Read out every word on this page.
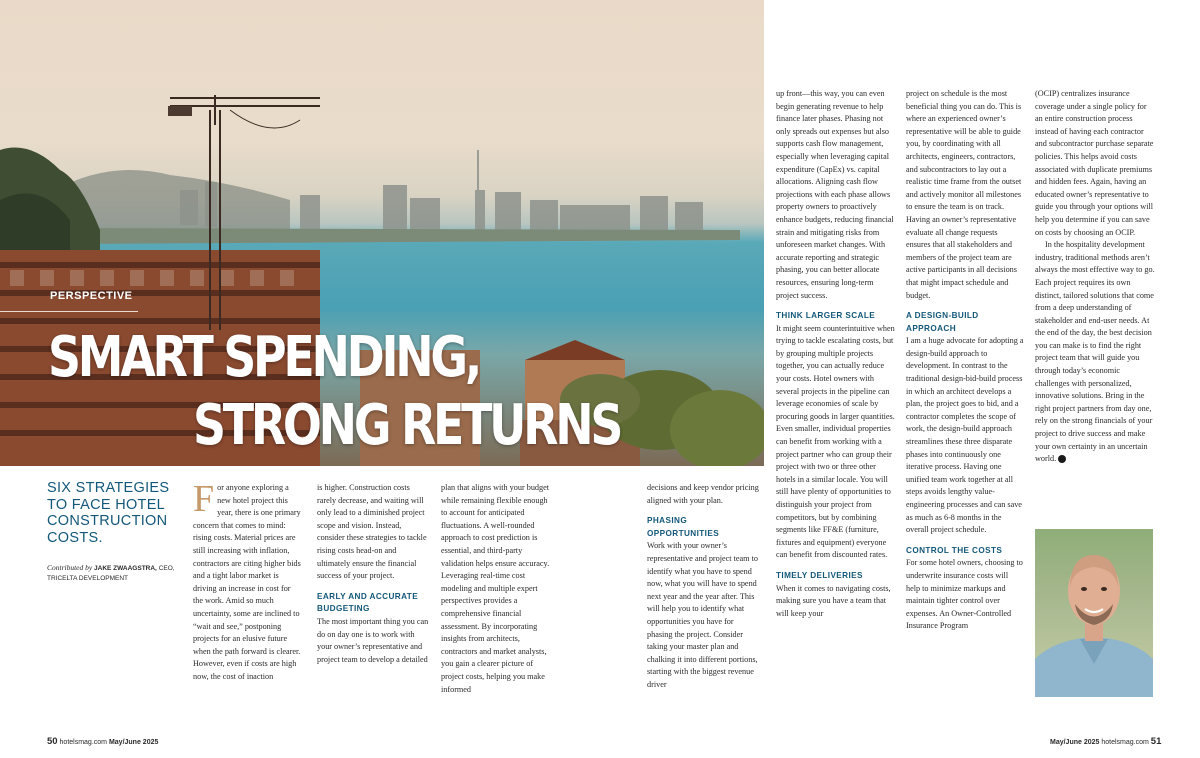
PERSPECTIVE
SMART SPENDING,
STRONG RETURNS
SIX STRATEGIES TO FACE HOTEL CONSTRUCTION COSTS.
Contributed by JAKE ZWAAGSTRA, CEO,
TRICELTA DEVELOPMENT
F or anyone exploring a new hotel project this year, there is one primary concern that comes to mind: rising costs. Material prices are still increasing with inflation, contractors are citing higher bids and a tight labor market is driving an increase in cost for the work. Amid so much uncertainty, some are inclined to “wait and see,” postponing projects for an elusive future when the path forward is clearer. However, even if costs are high now, the cost of inaction

is higher. Construction costs rarely decrease, and waiting will only lead to a diminished project scope and vision. Instead, consider these strategies to tackle rising costs head-on and ultimately ensure the financial success of your project.

EARLY AND ACCURATE BUDGETING

The most important thing you can do on day one is to work with your owner’s representative and project team to develop a detailed

plan that aligns with your budget while remaining flexible enough to account for anticipated fluctuations. A well-rounded approach to cost prediction is essential, and third-party validation helps ensure accuracy. Leveraging real-time cost modeling and multiple expert perspectives provides a comprehensive financial assessment. By incorporating insights from architects, contractors and market analysts, you gain a clearer picture of project costs, helping you make informed

decisions and keep vendor pricing aligned with your plan.

PHASING OPPORTUNITIES

Work with your owner’s representative and project team to identify what you have to spend now, what you will have to spend next year and the year after. This will help you to identify what opportunities you have for phasing the project. Consider taking your master plan and chalking it into different portions, starting with the biggest revenue driver

up front—this way, you can even begin generating revenue to help finance later phases. Phasing not only spreads out expenses but also supports cash flow management, especially when leveraging capital expenditure (CapEx) vs. capital allocations. Aligning cash flow projections with each phase allows property owners to proactively enhance budgets, reducing financial strain and mitigating risks from unforeseen market changes. With accurate reporting and strategic phasing, you can better allocate resources, ensuring long-term project success.

THINK LARGER SCALE

It might seem counterintuitive when trying to tackle escalating costs, but by grouping multiple projects together, you can actually reduce your costs. Hotel owners with several projects in the pipeline can leverage economies of scale by procuring goods in larger quantities. Even smaller, individual properties can benefit from working with a project partner who can group their project with two or three other hotels in a similar locale. You will still have plenty of opportunities to distinguish your project from competitors, but by combining segments like FF&E (furniture, fixtures and equipment) everyone can benefit from discounted rates.

TIMELY DELIVERIES

When it comes to navigating costs, making sure you have a team that will keep your

project on schedule is the most beneficial thing you can do. This is where an experienced owner’s representative will be able to guide you, by coordinating with all architects, engineers, contractors, and subcontractors to lay out a realistic time frame from the outset and actively monitor all milestones to ensure the team is on track. Having an owner’s representative evaluate all change requests ensures that all stakeholders and members of the project team are active participants in all decisions that might impact schedule and budget.

A DESIGN-BUILD APPROACH

I am a huge advocate for adopting a design-build approach to development. In contrast to the traditional design-bid-build process in which an architect develops a plan, the project goes to bid, and a contractor completes the scope of work, the design-build approach streamlines these three disparate phases into continuously one iterative process. Having one unified team work together at all steps avoids lengthy value-engineering processes and can save as much as 6-8 months in the overall project schedule.

CONTROL THE COSTS

For some hotel owners, choosing to underwrite insurance costs will help to minimize markups and maintain tighter control over expenses. An Owner-Controlled Insurance Program

(OCIP) centralizes insurance coverage under a single policy for an entire construction process instead of having each contractor and subcontractor purchase separate policies. This helps avoid costs associated with duplicate premiums and hidden fees. Again, having an educated owner’s representative to guide you through your options will help you determine if you can save on costs by choosing an OCIP.

In the hospitality development industry, traditional methods aren’t always the most effective way to go. Each project requires its own distinct, tailored solutions that come from a deep understanding of stakeholder and end-user needs. At the end of the day, the best decision you can make is to find the right project team that will guide you through today’s economic challenges with personalized, innovative solutions. Bring in the right project partners from day one, rely on the strong financials of your project to drive success and make your own certainty in an uncertain world. H

50 hotelsmag.com May/June 2025	May/June 2025 hotelsmag.com 51
